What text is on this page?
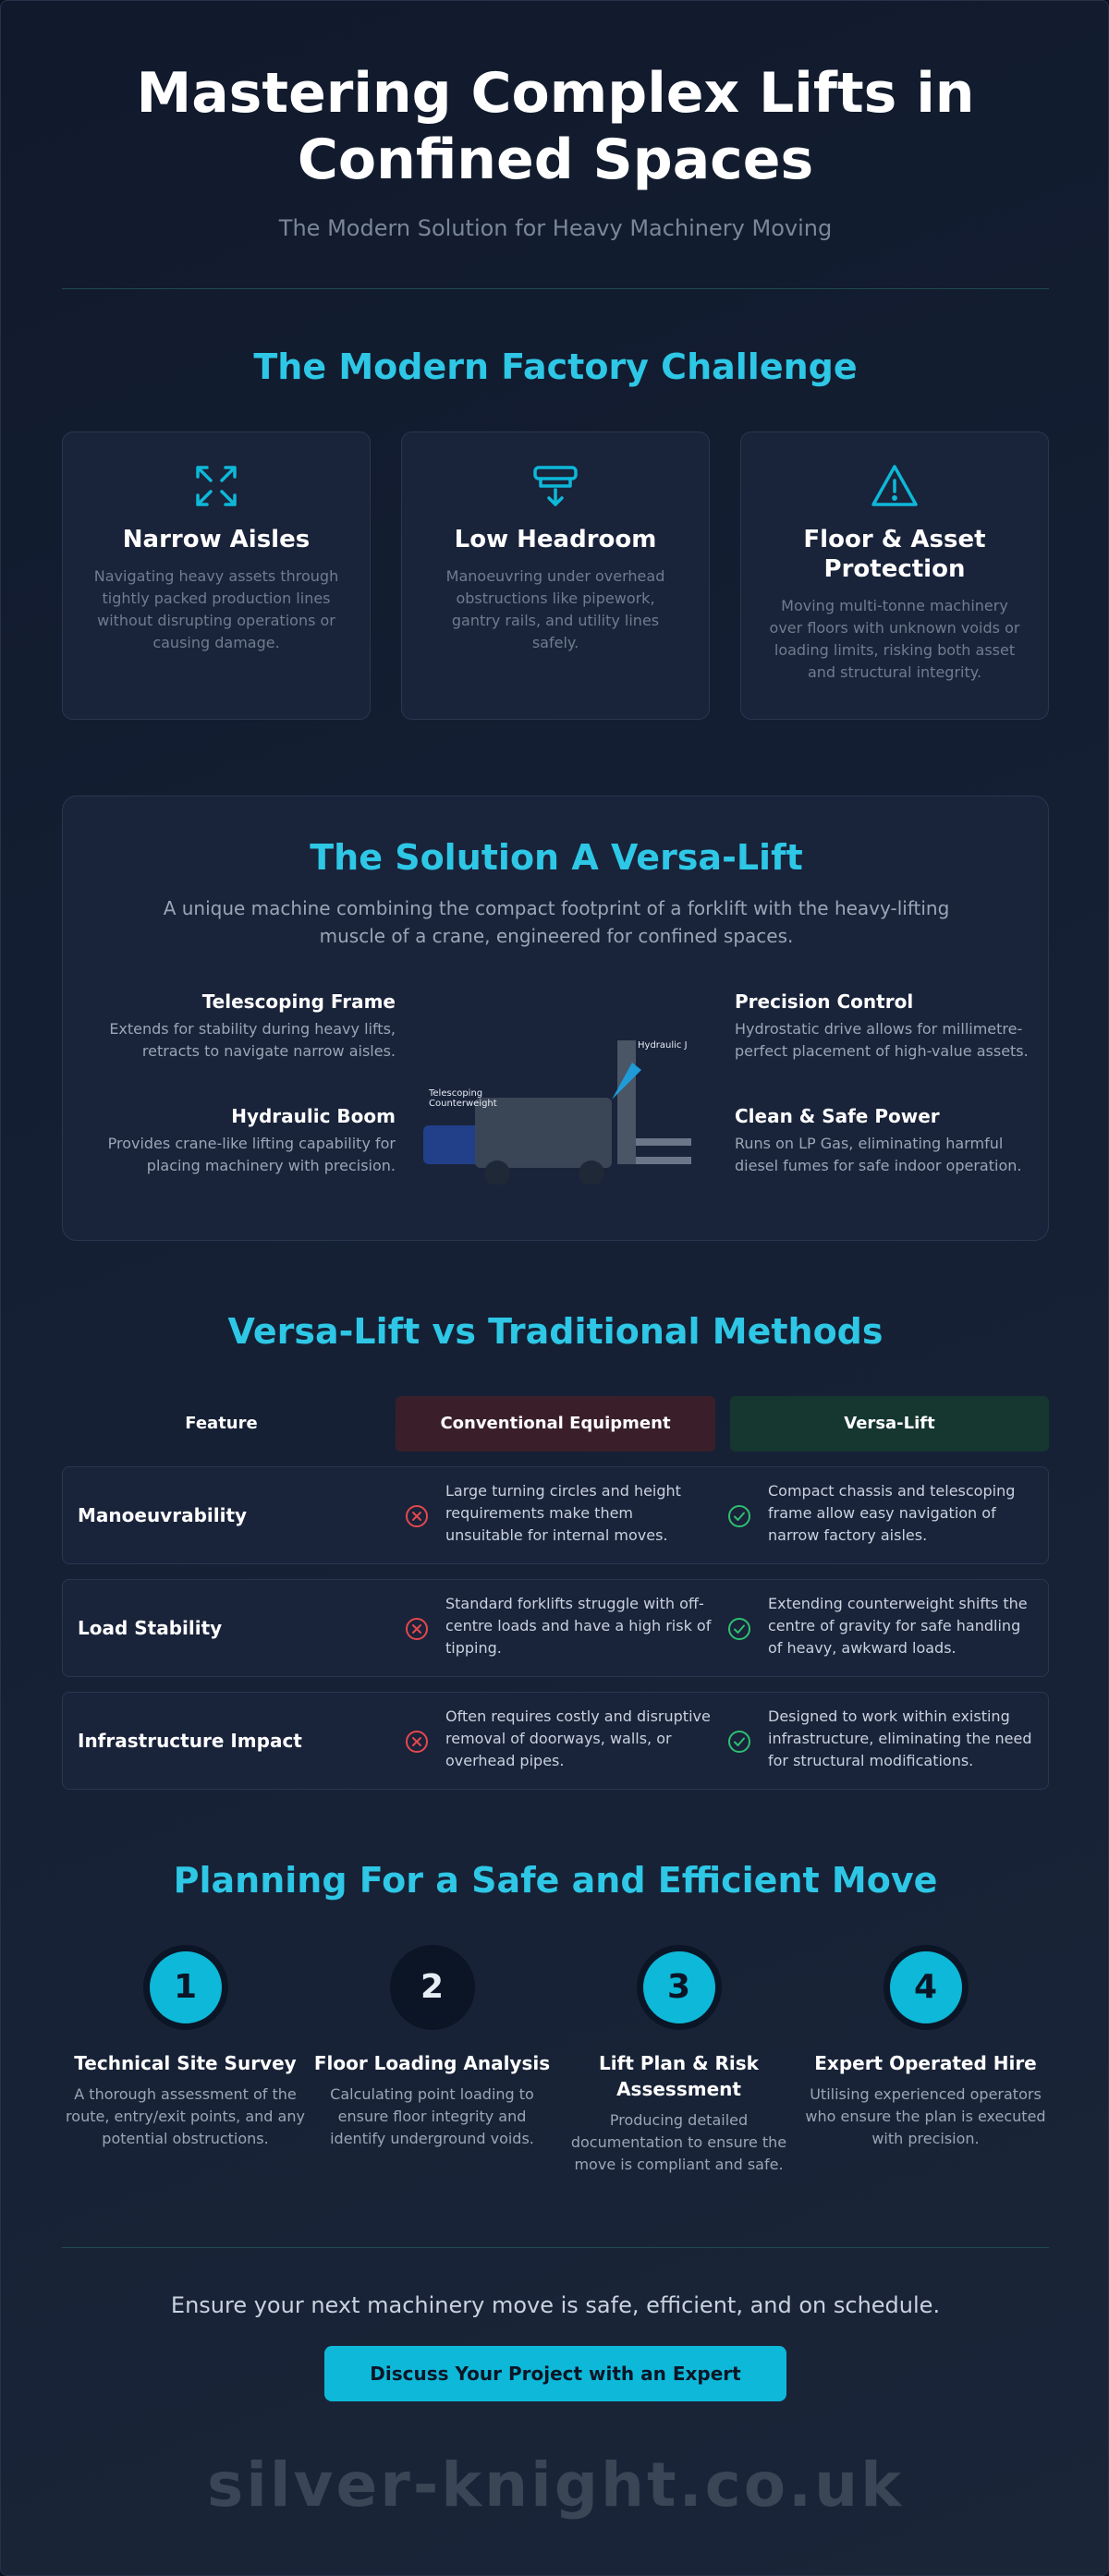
Mastering Complex Lifts in
Confined Spaces
The Modern Solution for Heavy Machinery Moving
The Modern Factory Challenge
Narrow Aisles

Navigating heavy assets through tightly packed production lines without disrupting operations or causing damage.

Low Headroom

Manoeuvring under overhead obstructions like pipework, gantry rails, and utility lines safely.

Floor & Asset Protection

Moving multi-tonne machinery over floors with unknown voids or loading limits, risking both asset and structural integrity.

The Solution A Versa-Lift
A unique machine combining the compact footprint of a forklift with the heavy-lifting muscle of a crane, engineered for confined spaces.
Telescoping Frame

Extends for stability during heavy lifts, retracts to navigate narrow aisles.

Hydraulic Boom

Provides crane-like lifting capability for placing machinery with precision.

Precision Control

Hydrostatic drive allows for millimetre-perfect placement of high-value assets.

Clean & Safe Power

Runs on LP Gas, eliminating harmful diesel fumes for safe indoor operation.

Hydraulic J
Telescoping
Counterweight
Versa-Lift vs Traditional Methods
Feature	Conventional Equipment	Versa-Lift
Manoeuvrability
Large turning circles and height requirements make them unsuitable for internal moves.
Compact chassis and telescoping frame allow easy navigation of narrow factory aisles.
Load Stability
Standard forklifts struggle with off-centre loads and have a high risk of tipping.
Extending counterweight shifts the centre of gravity for safe handling of heavy, awkward loads.
Infrastructure Impact
Often requires costly and disruptive removal of doorways, walls, or overhead pipes.
Designed to work within existing infrastructure, eliminating the need for structural modifications.
Planning For a Safe and Efficient Move
1
Technical Site Survey

A thorough assessment of the route, entry/exit points, and any potential obstructions.

2
Floor Loading Analysis

Calculating point loading to ensure floor integrity and identify underground voids.

3
Lift Plan & Risk Assessment

Producing detailed documentation to ensure the move is compliant and safe.

4
Expert Operated Hire

Utilising experienced operators who ensure the plan is executed with precision.

Ensure your next machinery move is safe, efficient, and on schedule.
Discuss Your Project with an Expert
silver-knight.co.uk
